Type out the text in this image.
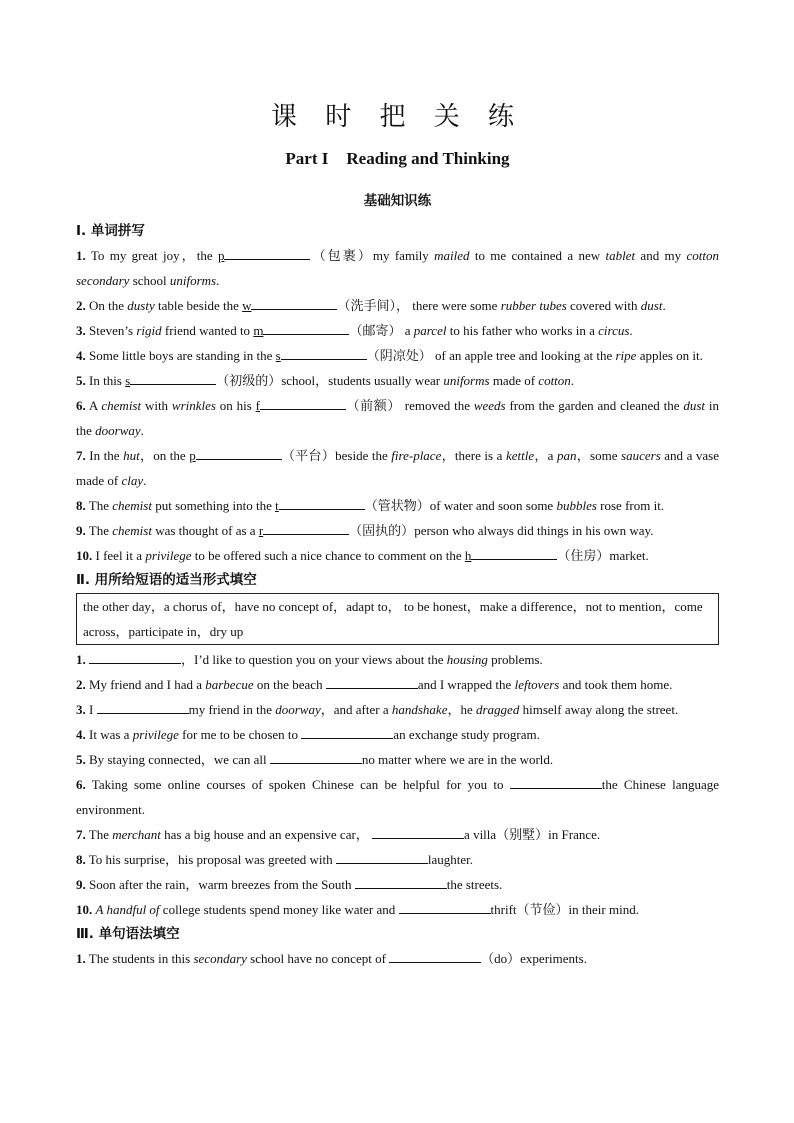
课 时 把 关 练
Part I Reading and Thinking
基础知识练
Ⅰ. 单词拼写

1. To my great joy，the p	（包裹）my family mailed to me contained a new tablet and my cotton secondary school uniforms.

2. On the dusty table beside the w	（洗手间）， there were some rubber tubes covered with dust.

3. Steven’s rigid friend wanted to m	（邮寄） a parcel to his father who works in a circus.

4. Some little boys are standing in the s	（阴凉处） of an apple tree and looking at the ripe apples on it.

5. In this s	（初级的）school，students usually wear uniforms made of cotton.

6. A chemist with wrinkles on his f	（前额） removed the weeds from the garden and cleaned the dust in the doorway.

7. In the hut，on the p	（平台）beside the fire-place，there is a kettle，a pan，some saucers and a vase made of clay.

8. The chemist put something into the t	（管状物）of water and soon some bubbles rose from it.

9. The chemist was thought of as a r	（固执的）person who always did things in his own way.

10. I feel it a privilege to be offered such a nice chance to comment on the h	（住房）market.

Ⅱ. 用所给短语的适当形式填空
the other day，a chorus of，have no concept of，adapt to， to be honest，make a difference，not to mention，come across，participate in，dry up

1.	，I’d like to question you on your views about the housing problems.

2. My friend and I had a barbecue on the beach	and I wrapped the leftovers and took them home.

3. I	my friend in the doorway，and after a handshake，he dragged himself away along the street.

4. It was a privilege for me to be chosen to	an exchange study program.

5. By staying connected，we can all	no matter where we are in the world.

6. Taking some online courses of spoken Chinese can be helpful for you to	the Chinese language environment.

7. The merchant has a big house and an expensive car，	a villa（别墅）in France.

8. To his surprise，his proposal was greeted with	laughter.

9. Soon after the rain，warm breezes from the South	the streets.

10. A handful of college students spend money like water and	thrift（节俭）in their mind.

Ⅲ. 单句语法填空

1. The students in this secondary school have no concept of	（do）experiments.
